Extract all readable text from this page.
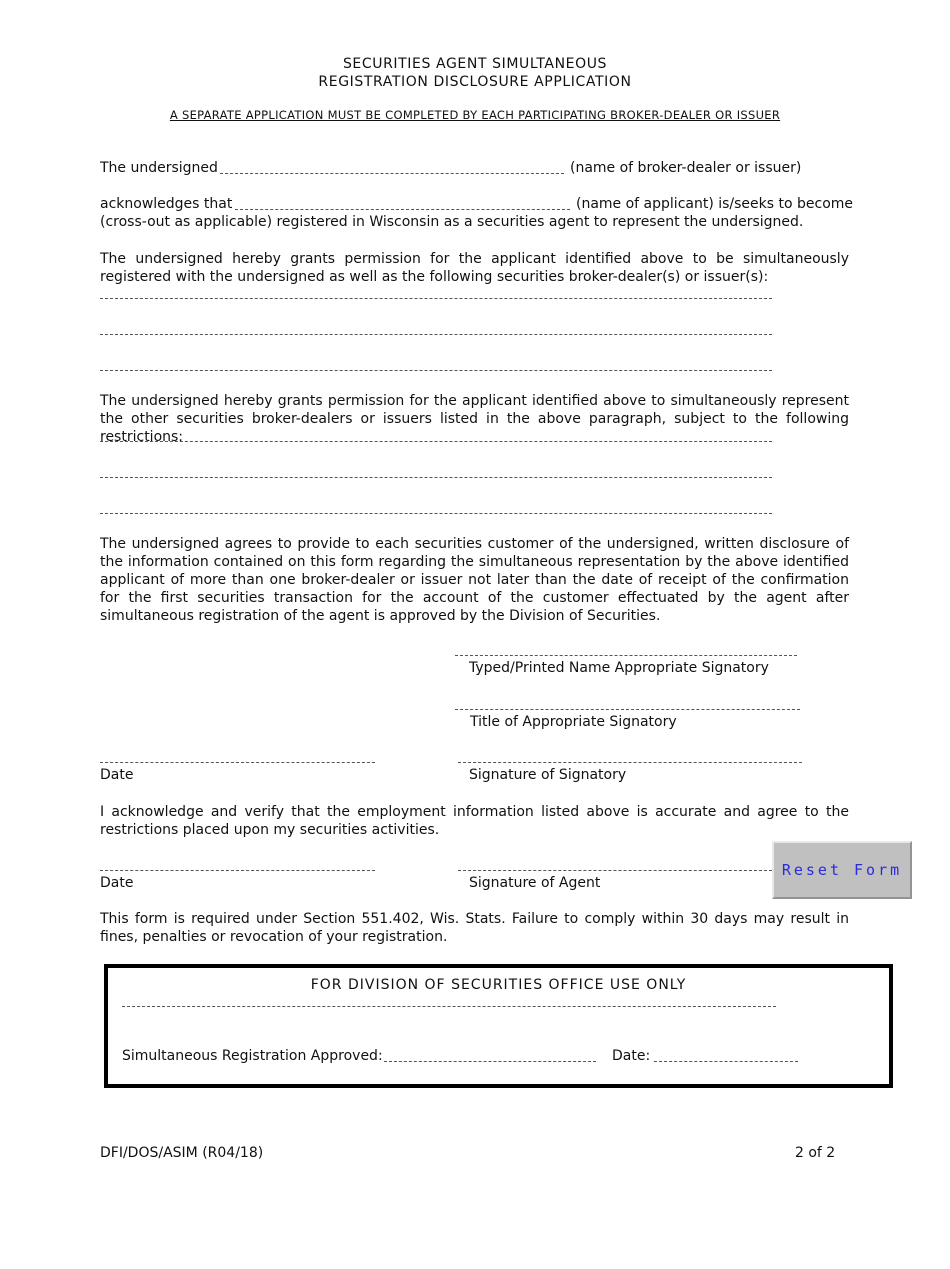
SECURITIES AGENT SIMULTANEOUS
REGISTRATION DISCLOSURE APPLICATION
A SEPARATE APPLICATION MUST BE COMPLETED BY EACH PARTICIPATING BROKER-DEALER OR ISSUER
The undersigned	(name of broker-dealer or issuer)
acknowledges that	(name of applicant) is/seeks to become
(cross-out as applicable) registered in Wisconsin as a securities agent to represent the undersigned.
The undersigned hereby grants permission for the applicant identified above to be simultaneously registered with the undersigned as well as the following securities broker-dealer(s) or issuer(s):
The undersigned hereby grants permission for the applicant identified above to simultaneously represent the other securities broker-dealers or issuers listed in the above paragraph, subject to the following restrictions:
The undersigned agrees to provide to each securities customer of the undersigned, written disclosure of the information contained on this form regarding the simultaneous representation by the above identified applicant of more than one broker-dealer or issuer not later than the date of receipt of the confirmation for the first securities transaction for the account of the customer effectuated by the agent after simultaneous registration of the agent is approved by the Division of Securities.
Typed/Printed Name Appropriate Signatory
Title of Appropriate Signatory
Date	Signature of Signatory
I acknowledge and verify that the employment information listed above is accurate and agree to the restrictions placed upon my securities activities.
Date	Signature of Agent
Reset Form
This form is required under Section 551.402, Wis. Stats. Failure to comply within 30 days may result in fines, penalties or revocation of your registration.
FOR DIVISION OF SECURITIES OFFICE USE ONLY
Simultaneous Registration Approved:	Date:
DFI/DOS/ASIM (R04/18)	2 of 2
